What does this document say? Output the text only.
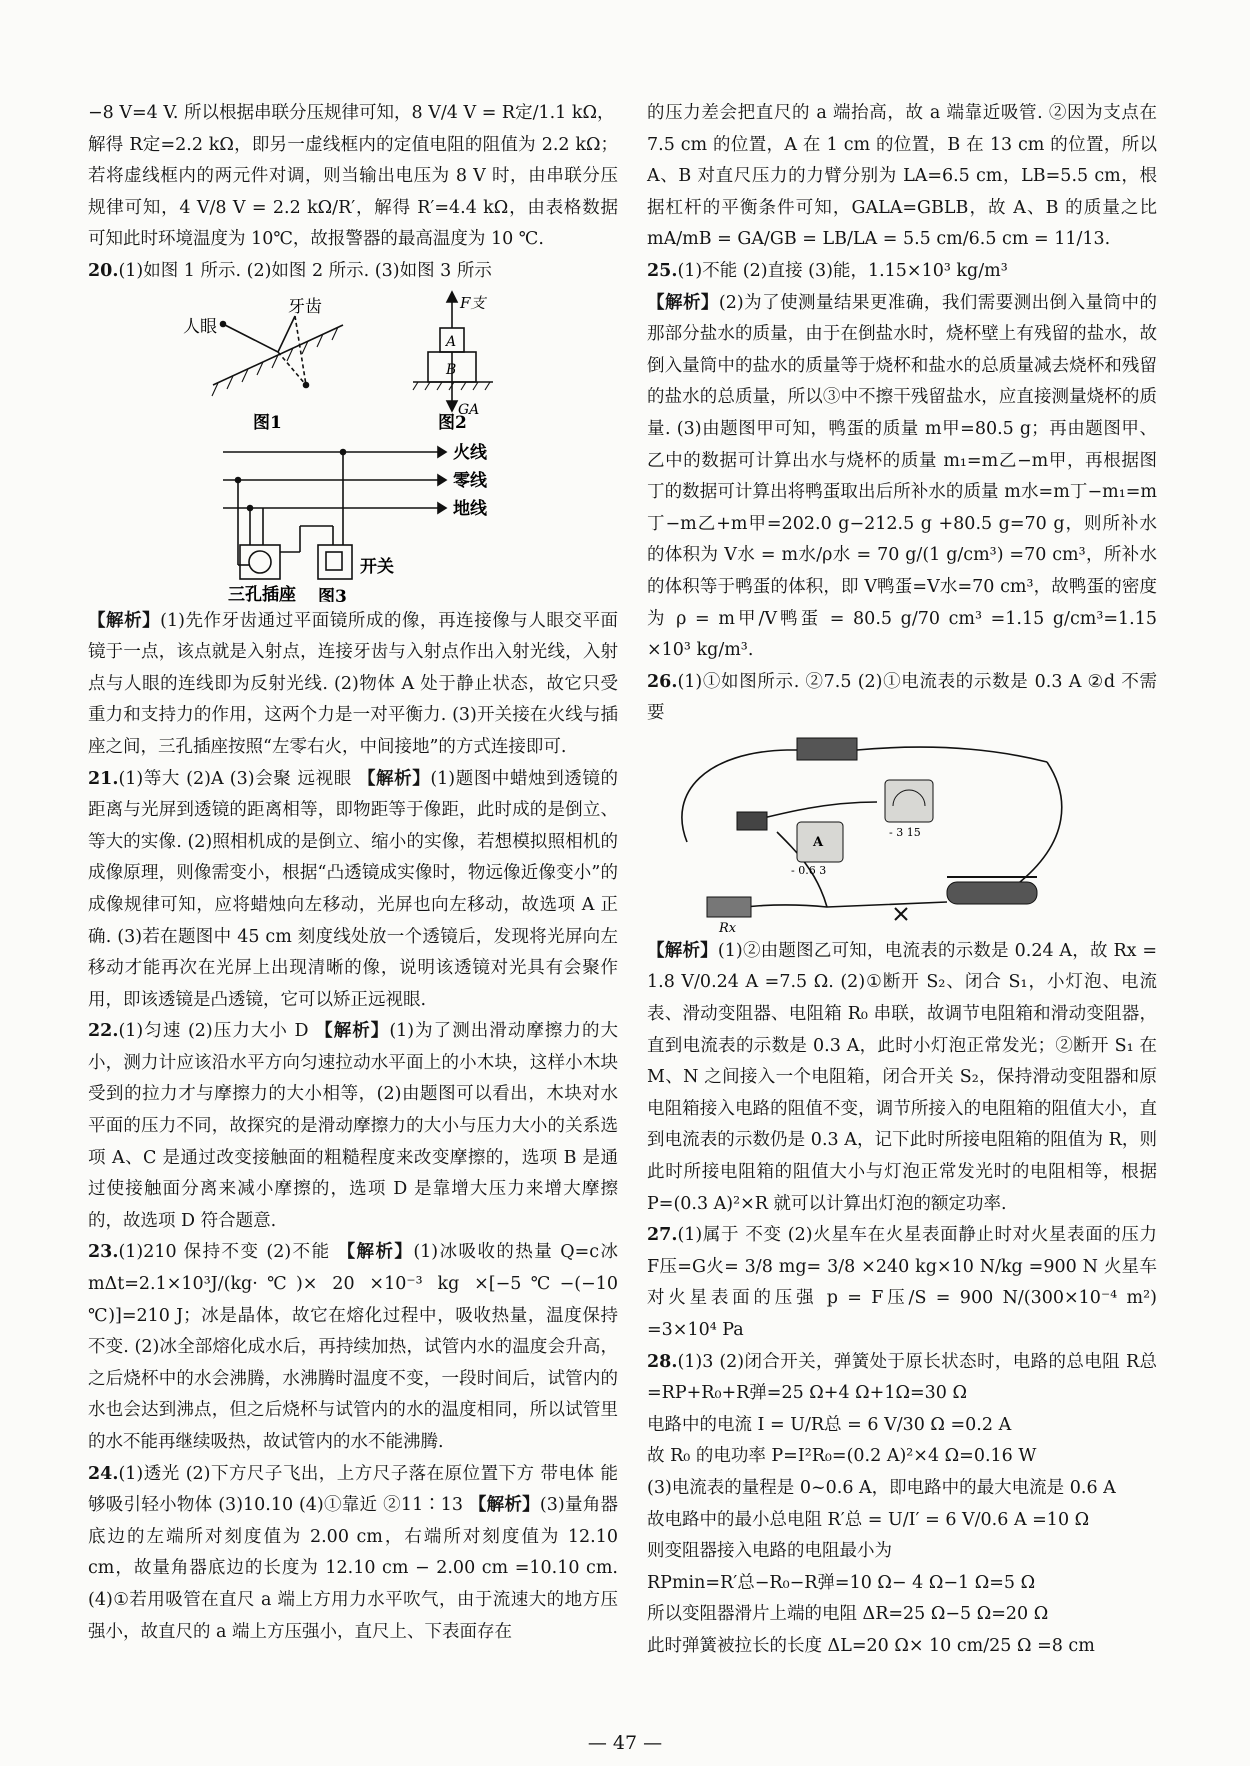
−8 V=4 V. 所以根据串联分压规律可知，8 V/4 V = R定/1.1 kΩ，

解得 R定=2.2 kΩ，即另一虚线框内的定值电阻的阻值为 2.2 kΩ；若将虚线框内的两元件对调，则当输出电压为 8 V 时，由串联分压规律可知，4 V/8 V = 2.2 kΩ/R′，解得 R′=4.4 kΩ，由表格数据可知此时环境温度为 10℃，故报警器的最高温度为 10 ℃.

20.(1)如图 1 所示. (2)如图 2 所示. (3)如图 3 所示

人眼
牙齿
图1
F支
A
B
GA
图2
火线
零线
地线
三孔插座
开关
图3

【解析】(1)先作牙齿通过平面镜所成的像，再连接像与人眼交平面镜于一点，该点就是入射点，连接牙齿与入射点作出入射光线，入射点与人眼的连线即为反射光线. (2)物体 A 处于静止状态，故它只受重力和支持力的作用，这两个力是一对平衡力. (3)开关接在火线与插座之间，三孔插座按照“左零右火，中间接地”的方式连接即可.

21.(1)等大 (2)A (3)会聚 远视眼 【解析】(1)题图中蜡烛到透镜的距离与光屏到透镜的距离相等，即物距等于像距，此时成的是倒立、等大的实像. (2)照相机成的是倒立、缩小的实像，若想模拟照相机的成像原理，则像需变小，根据“凸透镜成实像时，物远像近像变小”的成像规律可知，应将蜡烛向左移动，光屏也向左移动，故选项 A 正确. (3)若在题图中 45 cm 刻度线处放一个透镜后，发现将光屏向左移动才能再次在光屏上出现清晰的像，说明该透镜对光具有会聚作用，即该透镜是凸透镜，它可以矫正远视眼.

22.(1)匀速 (2)压力大小 D 【解析】(1)为了测出滑动摩擦力的大小，测力计应该沿水平方向匀速拉动水平面上的小木块，这样小木块受到的拉力才与摩擦力的大小相等，(2)由题图可以看出，木块对水平面的压力不同，故探究的是滑动摩擦力的大小与压力大小的关系选项 A、C 是通过改变接触面的粗糙程度来改变摩擦的，选项 B 是通过使接触面分离来减小摩擦的，选项 D 是靠增大压力来增大摩擦的，故选项 D 符合题意.

23.(1)210 保持不变 (2)不能 【解析】(1)冰吸收的热量 Q=c冰 mΔt=2.1×10³J/(kg·℃)× 20 ×10⁻³ kg ×[−5℃−(−10 ℃)]=210 J；冰是晶体，故它在熔化过程中，吸收热量，温度保持不变. (2)冰全部熔化成水后，再持续加热，试管内水的温度会升高，之后烧杯中的水会沸腾，水沸腾时温度不变，一段时间后，试管内的水也会达到沸点，但之后烧杯与试管内的水的温度相同，所以试管里的水不能再继续吸热，故试管内的水不能沸腾.

24.(1)透光 (2)下方尺子飞出，上方尺子落在原位置下方 带电体 能够吸引轻小物体 (3)10.10 (4)①靠近 ②11∶13 【解析】(3)量角器底边的左端所对刻度值为 2.00 cm，右端所对刻度值为 12.10 cm，故量角器底边的长度为 12.10 cm − 2.00 cm =10.10 cm. (4)①若用吸管在直尺 a 端上方用力水平吹气，由于流速大的地方压强小，故直尺的 a 端上方压强小，直尺上、下表面存在

的压力差会把直尺的 a 端抬高，故 a 端靠近吸管. ②因为支点在 7.5 cm 的位置，A 在 1 cm 的位置，B 在 13 cm 的位置，所以 A、B 对直尺压力的力臂分别为 LA=6.5 cm，LB=5.5 cm，根据杠杆的平衡条件可知，GALA=GBLB，故 A、B 的质量之比 mA/mB = GA/GB = LB/LA = 5.5 cm/6.5 cm = 11/13.

25.(1)不能 (2)直接 (3)能，1.15×10³ kg/m³

【解析】(2)为了使测量结果更准确，我们需要测出倒入量筒中的那部分盐水的质量，由于在倒盐水时，烧杯壁上有残留的盐水，故倒入量筒中的盐水的质量等于烧杯和盐水的总质量减去烧杯和残留的盐水的总质量，所以③中不擦干残留盐水，应直接测量烧杯的质量. (3)由题图甲可知，鸭蛋的质量 m甲=80.5 g；再由题图甲、乙中的数据可计算出水与烧杯的质量 m₁=m乙−m甲，再根据图丁的数据可计算出将鸭蛋取出后所补水的质量 m水=m丁−m₁=m丁−m乙+m甲=202.0 g−212.5 g +80.5 g=70 g，则所补水的体积为 V水 = m水/ρ水 = 70 g/(1 g/cm³) =70 cm³，所补水的体积等于鸭蛋的体积，即 V鸭蛋=V水=70 cm³，故鸭蛋的密度为 ρ = m甲/V鸭蛋 = 80.5 g/70 cm³ =1.15 g/cm³=1.15 ×10³ kg/m³.

26.(1)①如图所示. ②7.5 (2)①电流表的示数是 0.3 A ②d 不需要

- 3 15
A
- 0.6 3
Rx

【解析】(1)②由题图乙可知，电流表的示数是 0.24 A，故 Rx = 1.8 V/0.24 A =7.5 Ω. (2)①断开 S₂、闭合 S₁，小灯泡、电流表、滑动变阻器、电阻箱 R₀ 串联，故调节电阻箱和滑动变阻器，直到电流表的示数是 0.3 A，此时小灯泡正常发光；②断开 S₁ 在 M、N 之间接入一个电阻箱，闭合开关 S₂，保持滑动变阻器和原电阻箱接入电路的阻值不变，调节所接入的电阻箱的阻值大小，直到电流表的示数仍是 0.3 A，记下此时所接电阻箱的阻值为 R，则此时所接电阻箱的阻值大小与灯泡正常发光时的电阻相等，根据 P=(0.3 A)²×R 就可以计算出灯泡的额定功率.

27.(1)属于 不变 (2)火星车在火星表面静止时对火星表面的压力 F压=G火= 3/8 mg= 3/8 ×240 kg×10 N/kg =900 N 火星车对火星表面的压强 p = F压/S = 900 N/(300×10⁻⁴ m²) =3×10⁴ Pa

28.(1)3 (2)闭合开关，弹簧处于原长状态时，电路的总电阻 R总=RP+R₀+R弹=25 Ω+4 Ω+1Ω=30 Ω

电路中的电流 I = U/R总 = 6 V/30 Ω =0.2 A

故 R₀ 的电功率 P=I²R₀=(0.2 A)²×4 Ω=0.16 W

(3)电流表的量程是 0~0.6 A，即电路中的最大电流是 0.6 A

故电路中的最小总电阻 R′总 = U/I′ = 6 V/0.6 A =10 Ω

则变阻器接入电路的电阻最小为

RPmin=R′总−R₀−R弹=10 Ω− 4 Ω−1 Ω=5 Ω

所以变阻器滑片上端的电阻 ΔR=25 Ω−5 Ω=20 Ω

此时弹簧被拉长的长度 ΔL=20 Ω× 10 cm/25 Ω =8 cm

— 47 —
